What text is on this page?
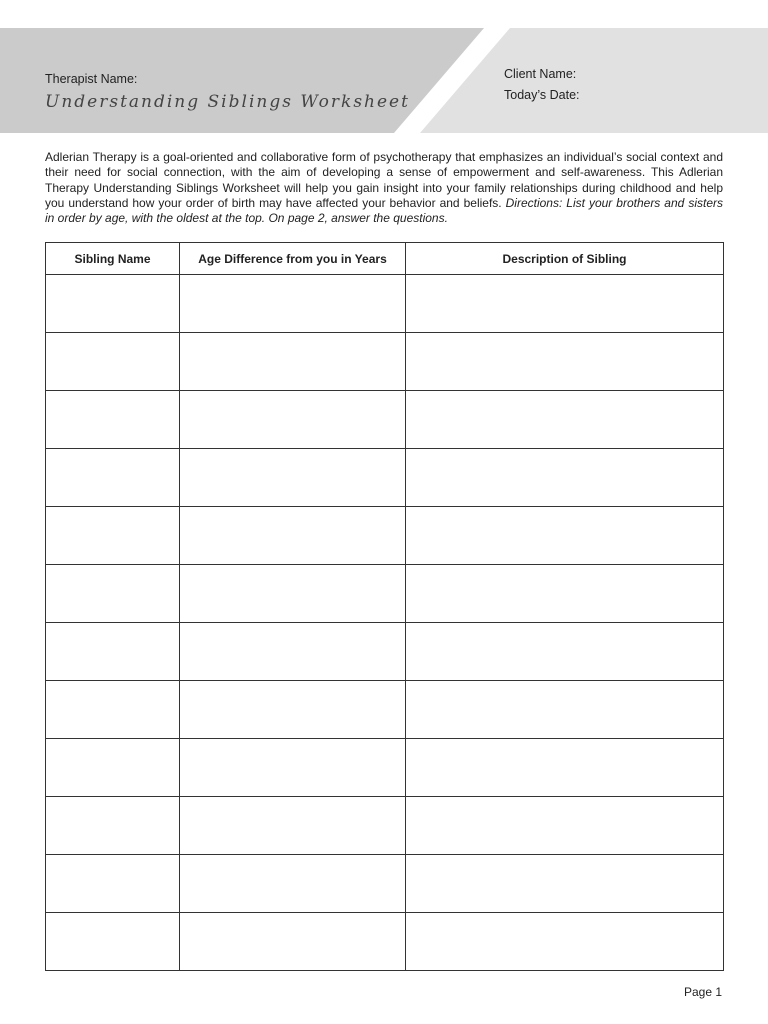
Therapist Name:
Understanding Siblings Worksheet
Client Name:
Today’s Date:
Adlerian Therapy is a goal-oriented and collaborative form of psychotherapy that emphasizes an individual’s social context and their need for social connection, with the aim of developing a sense of empowerment and self-awareness. This Adlerian Therapy Understanding Siblings Worksheet will help you gain insight into your family relationships during childhood and help you understand how your order of birth may have affected your behavior and beliefs. Directions: List your brothers and sisters in order by age, with the oldest at the top. On page 2, answer the questions.
Sibling Name	Age Difference from you in Years	Description of Sibling

Page 1
